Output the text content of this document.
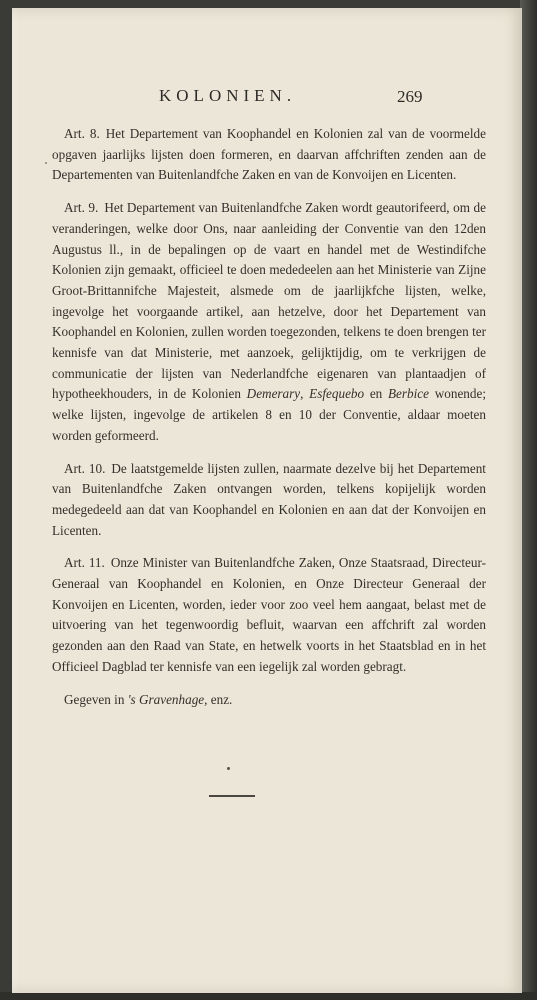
KOLONIEN.	269

Art. 8. Het Departement van Koophandel en Kolonien zal van de voormelde opgaven jaarlijks lijsten doen formeren, en daarvan affchriften zenden aan de Departementen van Buitenlandfche Zaken en van de Konvoijen en Licenten.

Art. 9. Het Departement van Buitenlandfche Zaken wordt geautorifeerd, om de veranderingen, welke door Ons, naar aanleiding der Conventie van den 12den Augustus ll., in de bepalingen op de vaart en handel met de Westindifche Kolonien zijn gemaakt, officieel te doen mededeelen aan het Ministerie van Zijne Groot-Brittannifche Majesteit, alsmede om de jaarlijkfche lijsten, welke, ingevolge het voorgaande artikel, aan hetzelve, door het Departement van Koophandel en Kolonien, zullen worden toegezonden, telkens te doen brengen ter kennisfe van dat Ministerie, met aanzoek, gelijktijdig, om te verkrijgen de communicatie der lijsten van Nederlandfche eigenaren van plantaadjen of hypotheekhouders, in de Kolonien Demerary, Esfequebo en Berbice wonende; welke lijsten, ingevolge de artikelen 8 en 10 der Conventie, aldaar moeten worden geformeerd.

Art. 10. De laatstgemelde lijsten zullen, naarmate dezelve bij het Departement van Buitenlandfche Zaken ontvangen worden, telkens kopijelijk worden medegedeeld aan dat van Koophandel en Kolonien en aan dat der Konvoijen en Licenten.

Art. 11. Onze Minister van Buitenlandfche Zaken, Onze Staatsraad, Directeur-Generaal van Koophandel en Kolonien, en Onze Directeur Generaal der Konvoijen en Licenten, worden, ieder voor zoo veel hem aangaat, belast met de uitvoering van het tegenwoordig befluit, waarvan een affchrift zal worden gezonden aan den Raad van State, en hetwelk voorts in het Staatsblad en in het Officieel Dagblad ter kennisfe van een iegelijk zal worden gebragt.

Gegeven in 's Gravenhage, enz.
